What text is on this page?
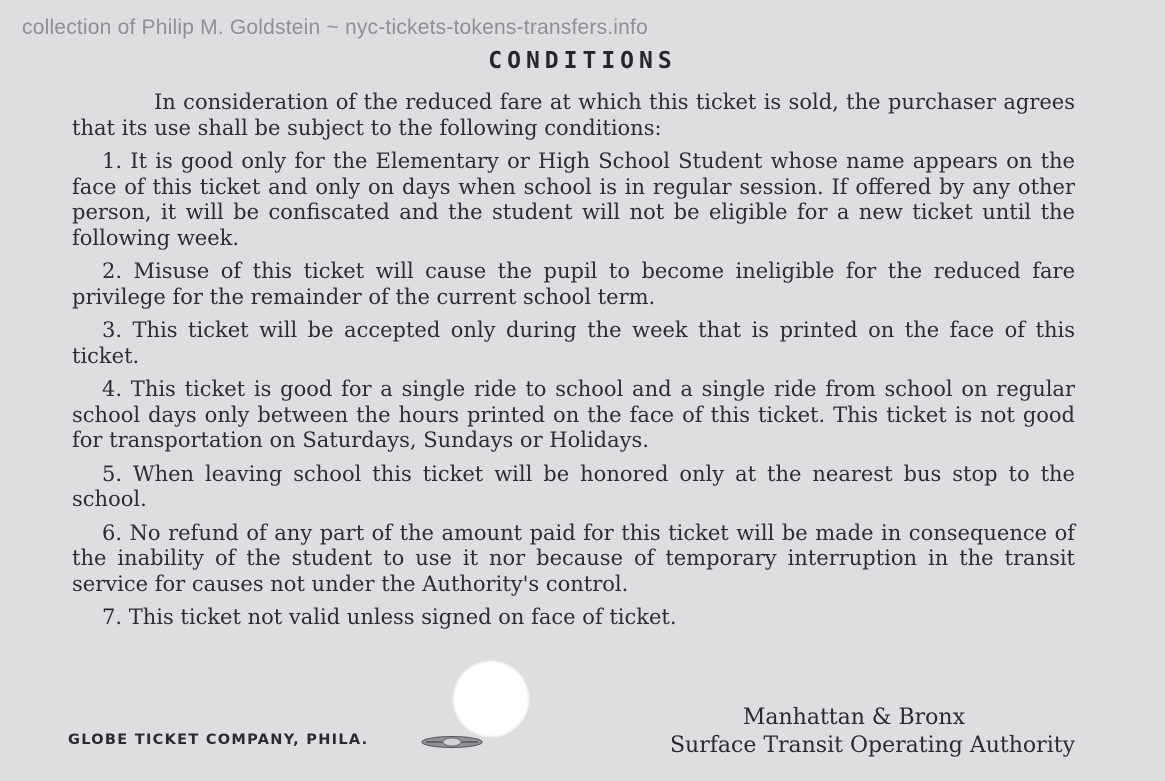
collection of Philip M. Goldstein ~ nyc-tickets-tokens-transfers.info
CONDITIONS

In consideration of the reduced fare at which this ticket is sold, the purchaser agrees that its use shall be subject to the following conditions:

1. It is good only for the Elementary or High School Student whose name appears on the face of this ticket and only on days when school is in regular session. If offered by any other person, it will be confiscated and the student will not be eligible for a new ticket until the following week.

2. Misuse of this ticket will cause the pupil to become ineligible for the reduced fare privilege for the remainder of the current school term.

3. This ticket will be accepted only during the week that is printed on the face of this ticket.

4. This ticket is good for a single ride to school and a single ride from school on regular school days only between the hours printed on the face of this ticket. This ticket is not good for transportation on Saturdays, Sundays or Holidays.

5. When leaving school this ticket will be honored only at the nearest bus stop to the school.

6. No refund of any part of the amount paid for this ticket will be made in consequence of the inability of the student to use it nor because of temporary interruption in the transit service for causes not under the Authority's control.

7. This ticket not valid unless signed on face of ticket.

GLOBE TICKET COMPANY, PHILA.
Manhattan & Bronx
Surface Transit Operating Authority
